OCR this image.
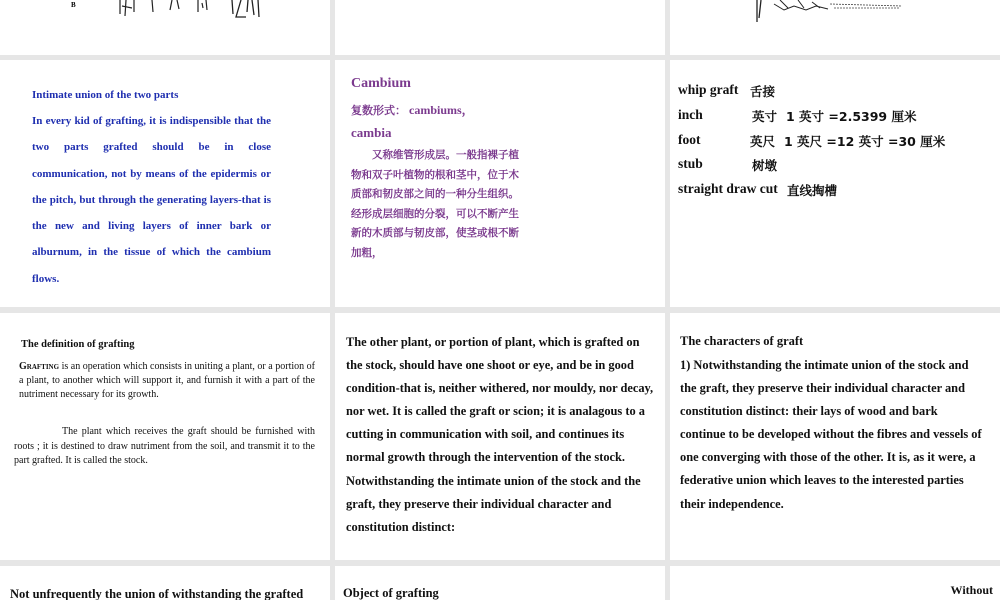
B
Intimate union of the two parts
In every kid of grafting, it is indispensible that the two parts grafted should be in close communication, not by means of the epidermis or the pitch, but through the generating layers-that is the new and living layers of inner bark or alburnum, in the tissue of which the cambium flows.
Cambium
复数形式： cambiums，
cambia
又称维管形成层。一般指裸子植物和双子叶植物的根和茎中，位于木质部和韧皮部之间的一种分生组织。经形成层细胞的分裂，可以不断产生新的木质部与韧皮部，使茎或根不断加粗，
whip graft 舌接
inch	英寸 1 英寸 =2.5399 厘米
foot	英尺 1 英尺 =12 英寸 =30 厘米
stub	树墩
straight draw cut 直线掏槽
The definition of grafting
Grafting is an operation which consists in uniting a plant, or a portion of a plant, to another which will support it, and furnish it with a part of the nutriment necessary for its growth.
The plant which receives the graft should be furnished with roots ; it is destined to draw nutriment from the soil, and transmit it to the part grafted. It is called the stock.
The other plant, or portion of plant, which is grafted on the stock, should have one shoot or eye, and be in good condition-that is, neither withered, nor mouldy, nor decay, nor wet. It is called the graft or scion; it is analagous to a cutting in communication with soil, and continues its normal growth through the intervention of the stock. Notwithstanding the intimate union of the stock and the graft, they preserve their individual character and constitution distinct:
The characters of graft
1) Notwithstanding the intimate union of the stock and the graft, they preserve their individual character and constitution distinct: their lays of wood and bark continue to be developed without the fibres and vessels of one converging with those of the other. It is, as it were, a federative union which leaves to the interested parties their independence.
Not unfrequently the union of withstanding the grafted	Object of grafting	Without
